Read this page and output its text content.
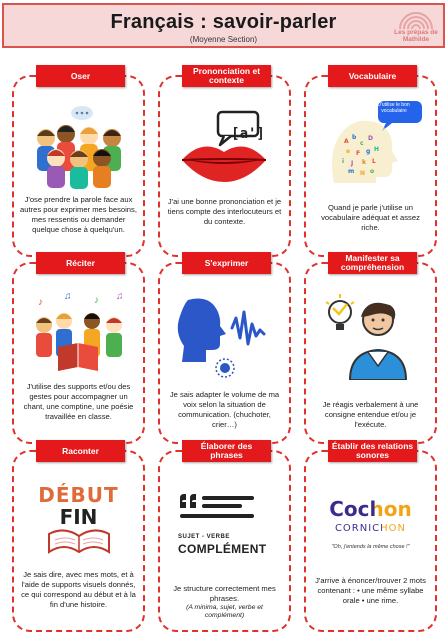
Français : savoir-parler
(Moyenne Section)
Les prépas de Mathilde
Oser
J'ose prendre la parole face aux autres pour exprimer mes besoins, mes ressentis ou demander quelque chose à quelqu'un.
Prononciation et contexte
[a']
J'ai une bonne prononciation et je tiens compte des interlocuteurs et du contexte.
Vocabulaire
A
b
c
D
e F g H
i J k L
m N o
J'utilise le bon vocabulaire
Quand je parle j'utilise un vocabulaire adéquat et assez riche.
Réciter
♪
♫ ♪ ♫
J'utilise des supports et/ou des gestes pour accompagner un chant, une comptine, une poésie travaillée en classe.
S'exprimer
Je sais adapter le volume de ma voix selon la situation de communication. (chuchoter, crier…)
Manifester sa compréhension
Je réagis verbalement à une consigne entendue et/ou je l'exécute.
Raconter
DÉBUT
FIN
Je sais dire, avec mes mots, et à l'aide de supports visuels donnés, ce qui correspond au début et à la fin d'une histoire.
Élaborer des phrases
SUJET - VERBE
COMPLÉMENT
Je structure correctement mes phrases.
(A minima, sujet, verbe et complément)
Établir des relations sonores
Cochon
CORNICHON
"Oh, j'entends la même chose !"
J'arrive à énoncer/trouver 2 mots contenant : • une même syllabe orale • une rime.
